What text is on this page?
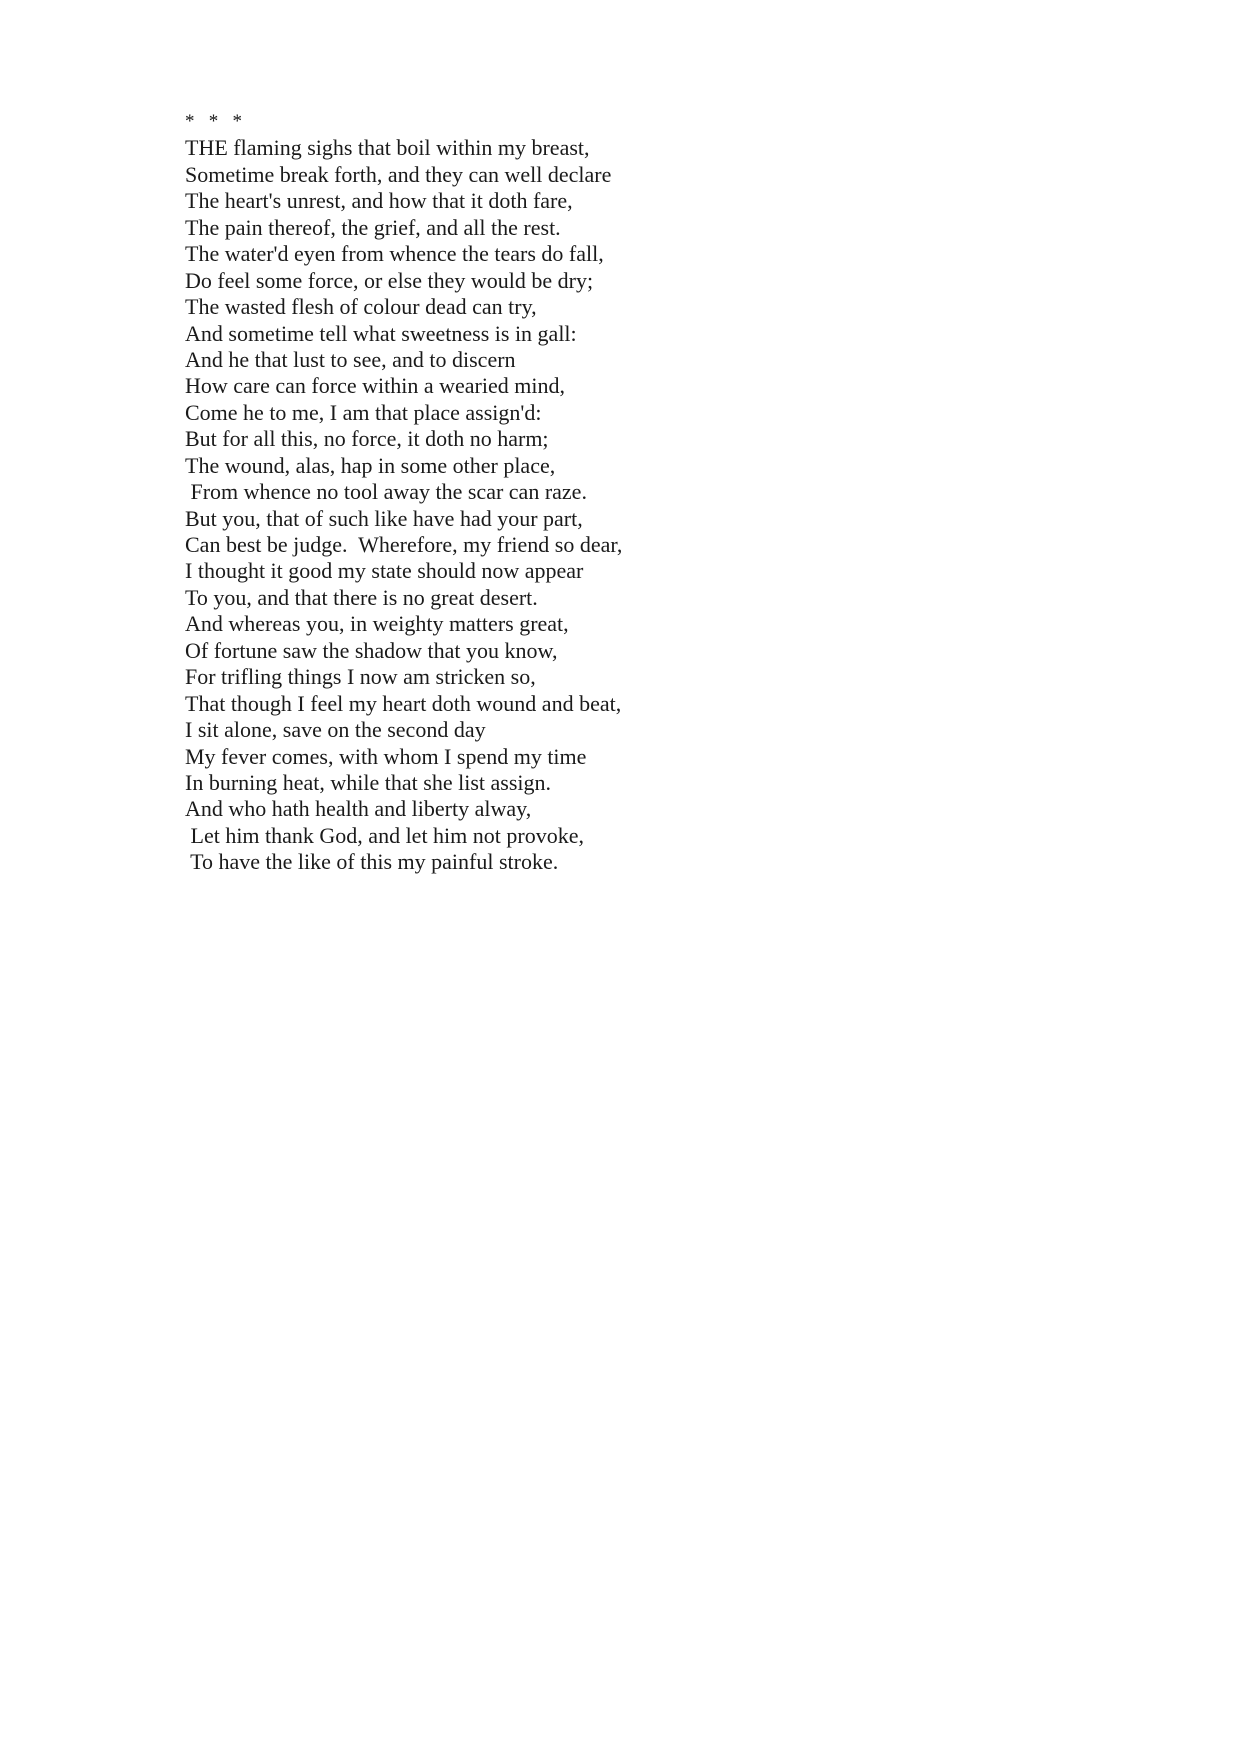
*   *   *
THE flaming sighs that boil within my breast,
Sometime break forth, and they can well declare
The heart's unrest, and how that it doth fare,
The pain thereof, the grief, and all the rest.
The water'd eyen from whence the tears do fall,
Do feel some force, or else they would be dry;
The wasted flesh of colour dead can try,
And sometime tell what sweetness is in gall:
And he that lust to see, and to discern
How care can force within a wearied mind,
Come he to me, I am that place assign'd:
But for all this, no force, it doth no harm;
The wound, alas, hap in some other place,
From whence no tool away the scar can raze.
But you, that of such like have had your part,
Can best be judge.  Wherefore, my friend so dear,
I thought it good my state should now appear
To you, and that there is no great desert.
And whereas you, in weighty matters great,
Of fortune saw the shadow that you know,
For trifling things I now am stricken so,
That though I feel my heart doth wound and beat,
I sit alone, save on the second day
My fever comes, with whom I spend my time
In burning heat, while that she list assign.
And who hath health and liberty alway,
Let him thank God, and let him not provoke,
To have the like of this my painful stroke.
